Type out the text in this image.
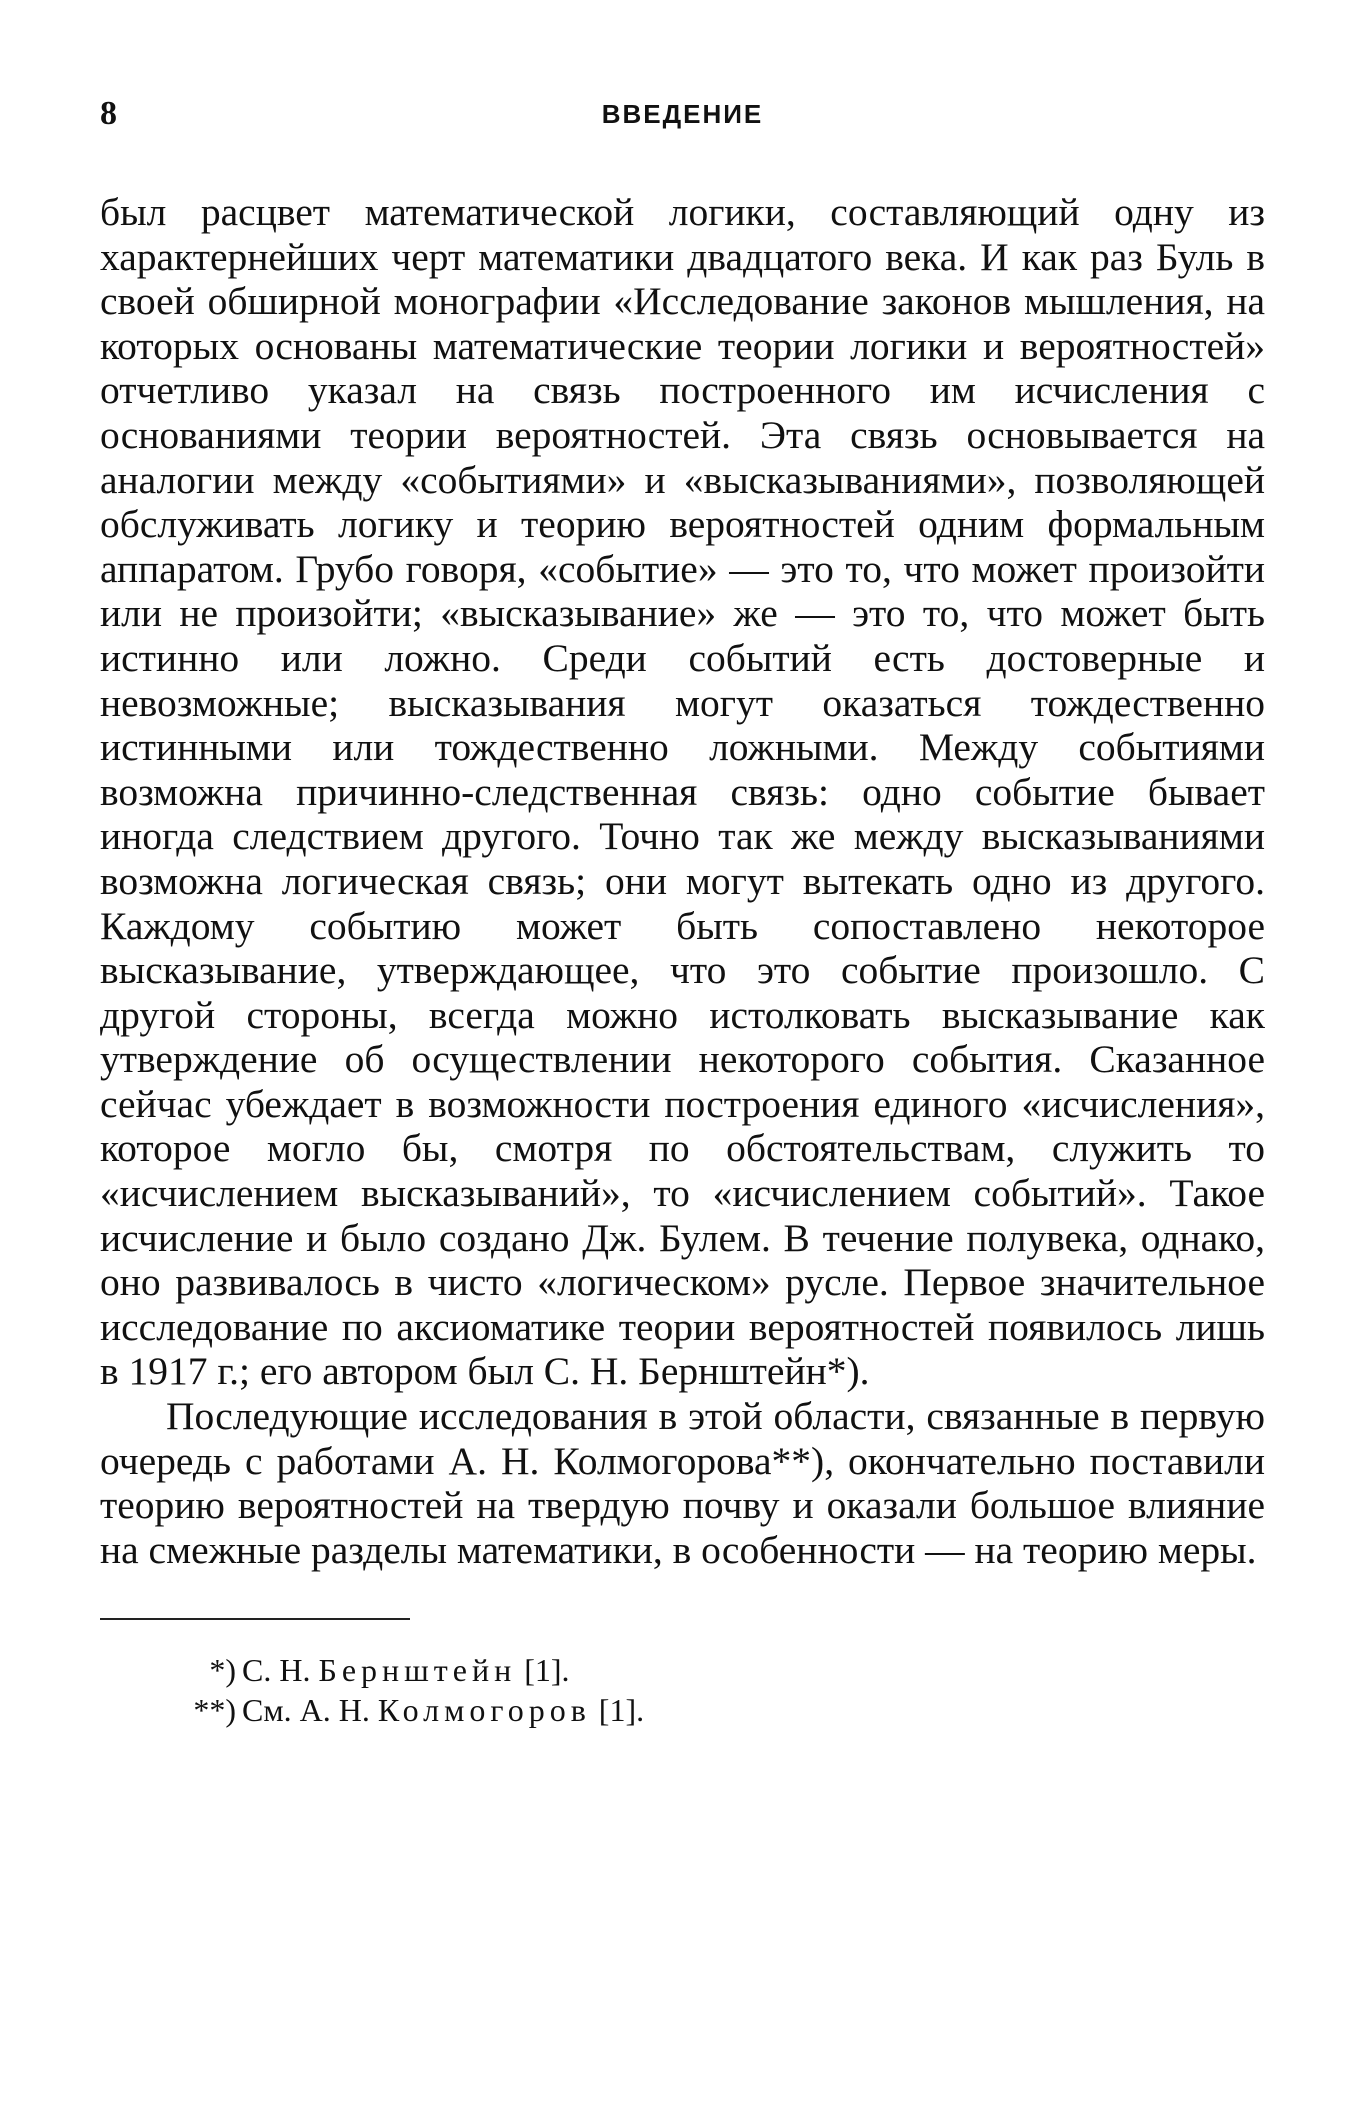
8	ВВЕДЕНИЕ

был расцвет математической логики, составляющий одну из характернейших черт математики двадцатого века. И как раз Буль в своей обширной монографии «Исследование законов мышления, на которых основаны математические теории логики и вероятностей» отчетливо указал на связь построенного им исчисления с основаниями теории вероятностей. Эта связь основывается на аналогии между «событиями» и «высказываниями», позволяющей обслуживать логику и теорию вероятностей одним формальным аппаратом. Грубо говоря, «событие» — это то, что может произойти или не произойти; «высказывание» же — это то, что может быть истинно или ложно. Среди событий есть достоверные и невозможные; высказывания могут оказаться тождественно истинными или тождественно ложными. Между событиями возможна причинно-следственная связь: одно событие бывает иногда следствием другого. Точно так же между высказываниями возможна логическая связь; они могут вытекать одно из другого. Каждому событию может быть сопоставлено некоторое высказывание, утверждающее, что это событие произошло. С другой стороны, всегда можно истолковать высказывание как утверждение об осуществлении некоторого события. Сказанное сейчас убеждает в возможности построения единого «исчисления», которое могло бы, смотря по обстоятельствам, служить то «исчислением высказываний», то «исчислением событий». Такое исчисление и было создано Дж. Булем. В течение полувека, однако, оно развивалось в чисто «логическом» русле. Первое значительное исследование по аксиоматике теории вероятностей появилось лишь в 1917 г.; его автором был С. Н. Бернштейн*).

Последующие исследования в этой области, связанные в первую очередь с работами А. Н. Колмогорова**), окончательно поставили теорию вероятностей на твердую почву и оказали большое влияние на смежные разделы математики, в особенности — на теорию меры.

*) С. Н. Бернштейн [1].

**) См. А. Н. Колмогоров [1].
